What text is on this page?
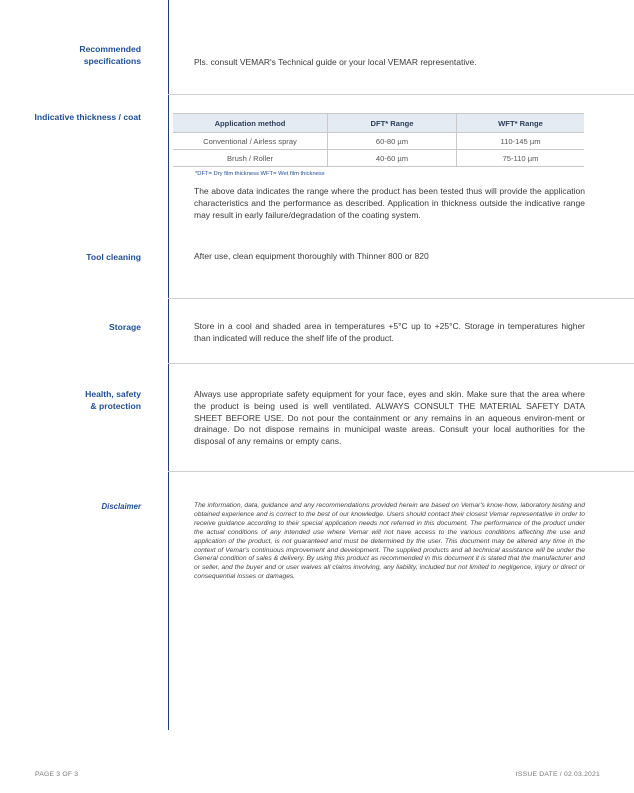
Recommended
specifications	Pls. consult VEMAR's Technical guide or your local VEMAR representative.
Indicative thickness / coat
Application method	DFT* Range	WFT* Range
Conventional / Airless spray	60-80 µm	110-145 µm
Brush / Roller	40-60 µm	75-110 µm
*DFT= Dry film thickness WFT= Wet film thickness
The above data indicates the range where the product has been tested thus will provide the application characteristics and the performance as described. Application in thickness outside the indicative range may result in early failure/degradation of the coating system.
Tool cleaning	After use, clean equipment thoroughly with Thinner 800 or 820
Storage	Store in a cool and shaded area in temperatures +5°C up to +25°C. Storage in temperatures higher than indicated will reduce the shelf life of the product.
Health, safety
& protection
Always use appropriate safety equipment for your face, eyes and skin. Make sure that the area where the product is being used is well ventilated. ALWAYS CONSULT THE MATERIAL SAFETY DATA SHEET BEFORE USE. Do not pour the containment or any remains in an aqueous environ-ment or drainage. Do not dispose remains in municipal waste areas. Consult your local authorities for the disposal of any remains or empty cans.
Disclaimer	The information, data, guidance and any recommendations provided herein are based on Vemar's know-how, laboratory testing and obtained experience and is correct to the best of our knowledge. Users should contact their closest Vemar representative in order to receive guidance according to their special application needs not referred in this document. The performance of the product under the actual conditions of any intended use where Vemar will not have access to the various conditions affecting the use and application of the product, is not guaranteed and must be determined by the user. This document may be altered any time in the context of Vemar's continuous improvement and development. The supplied products and all technical assistance will be under the General condition of sales & delivery. By using this product as recommended in this document it is stated that the manufacturer and or seller, and the buyer and or user waives all claims involving, any liability, included but not limited to negligence, injury or direct or consequential losses or damages.
PAGE 3 OF 3	ISSUE DATE / 02.03.2021
